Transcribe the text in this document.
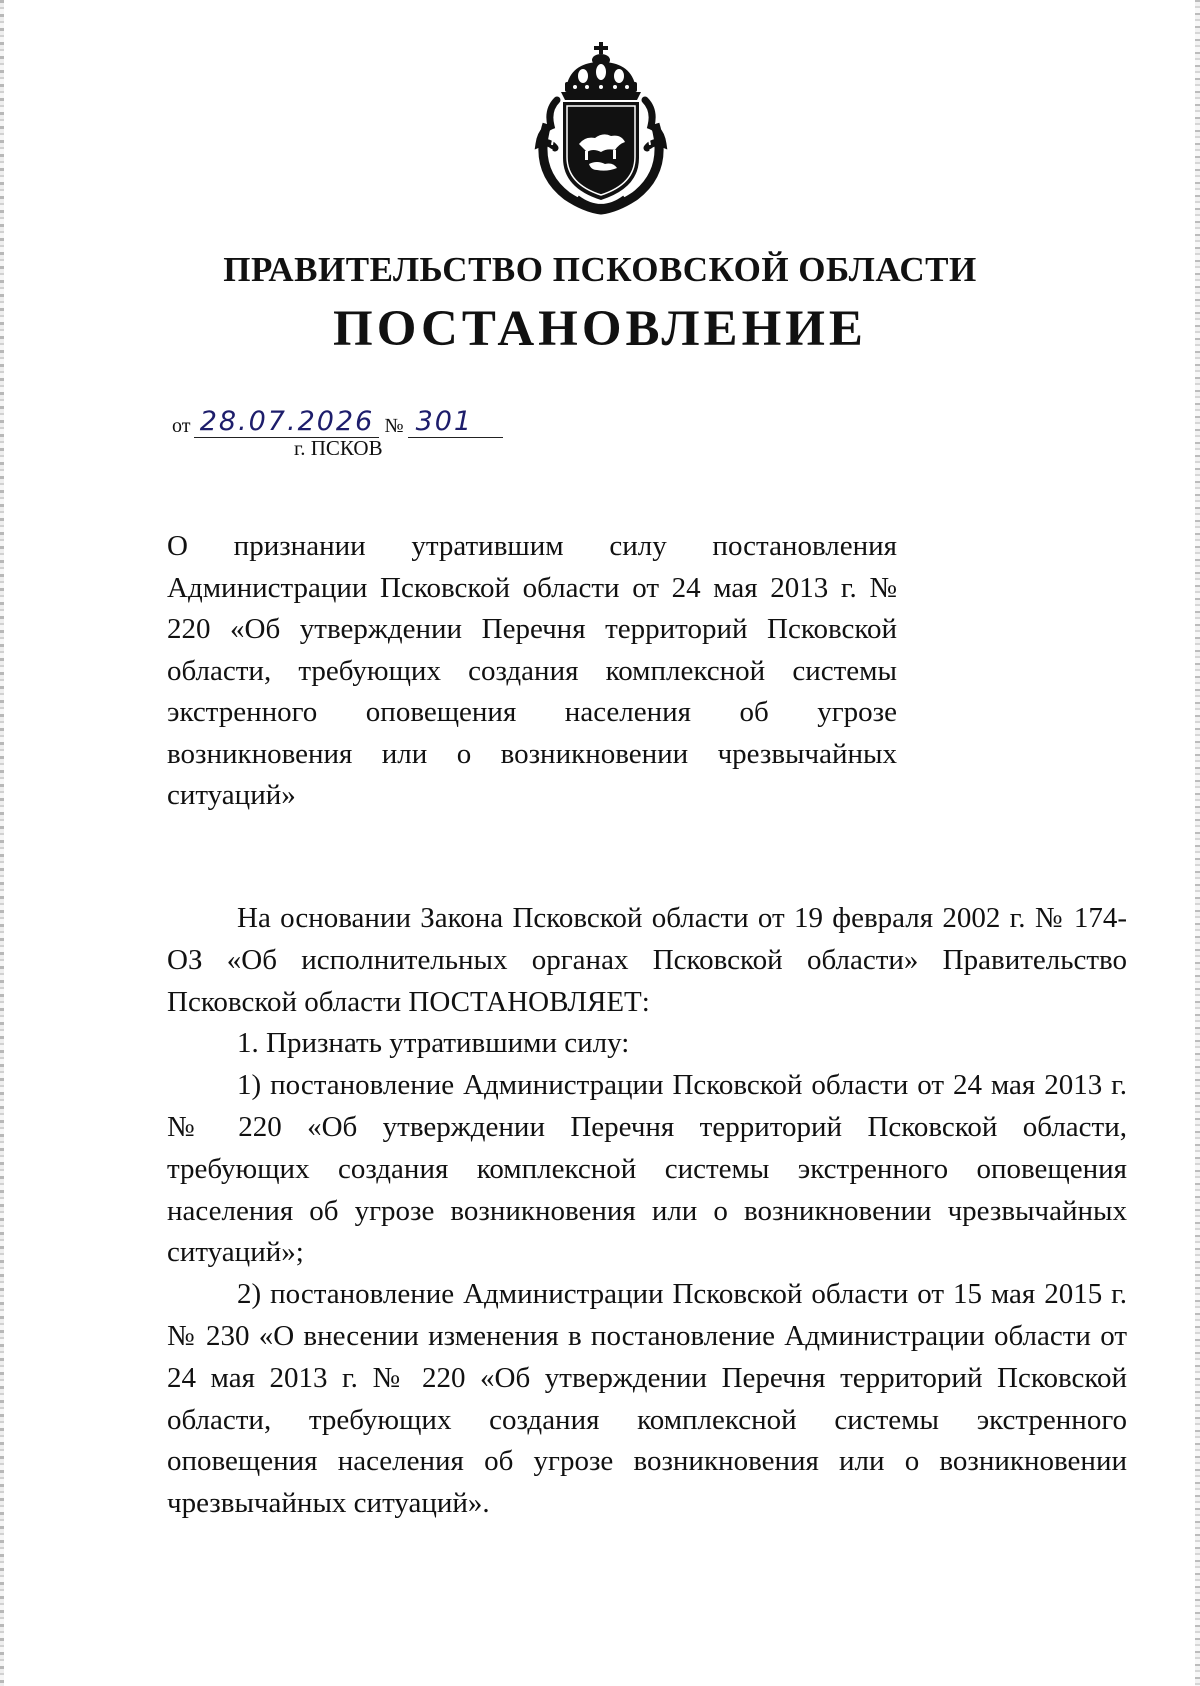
ПРАВИТЕЛЬСТВО ПСКОВСКОЙ ОБЛАСТИ
ПОСТАНОВЛЕНИЕ
от 28.07.2026 № 301
г. ПСКОВ
О признании утратившим силу постановления Администрации Псковской области от 24 мая 2013 г. № 220 «Об утверждении Перечня территорий Псковской области, требующих создания комплексной системы экстренного оповещения населения об угрозе возникновения или о возникновении чрезвычайных ситуаций»

На основании Закона Псковской области от 19 февраля 2002 г. № 174-ОЗ «Об исполнительных органах Псковской области» Правительство Псковской области ПОСТАНОВЛЯЕТ:

1. Признать утратившими силу:

1) постановление Администрации Псковской области от 24 мая 2013 г. № 220 «Об утверждении Перечня территорий Псковской области, требующих создания комплексной системы экстренного оповещения населения об угрозе возникновения или о возникновении чрезвычайных ситуаций»;

2) постановление Администрации Псковской области от 15 мая 2015 г. № 230 «О внесении изменения в постановление Администрации области от 24 мая 2013 г. № 220 «Об утверждении Перечня территорий Псковской области, требующих создания комплексной системы экстренного оповещения населения об угрозе возникновения или о возникновении чрезвычайных ситуаций».
